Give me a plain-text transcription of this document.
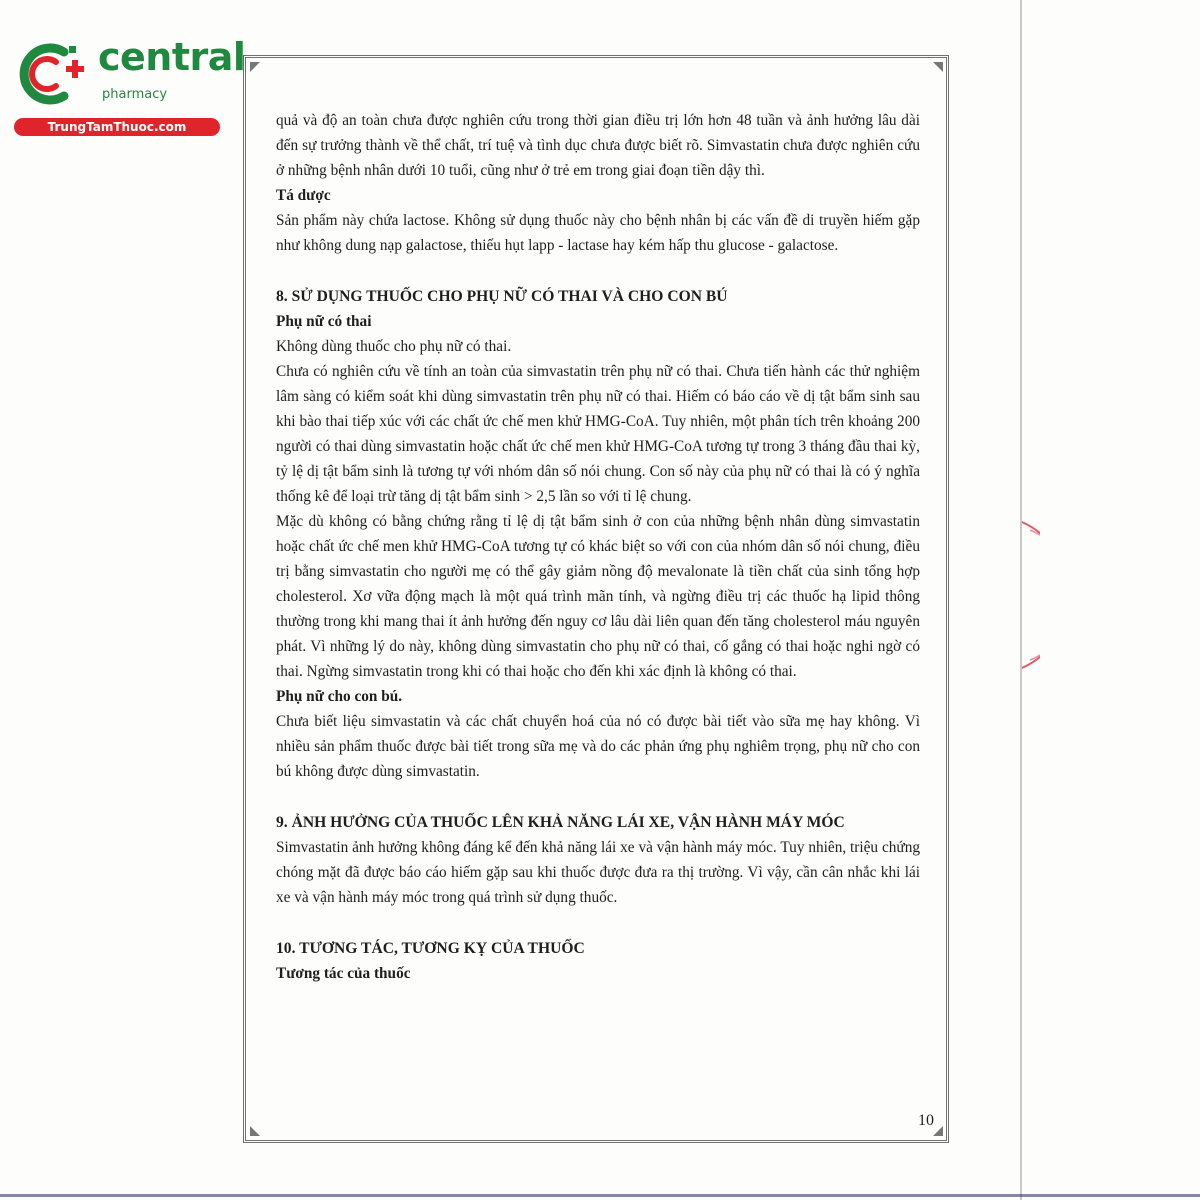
central
pharmacy
TrungTamThuoc.com	quả và độ an toàn chưa được nghiên cứu trong thời gian điều trị lớn hơn 48 tuần và ảnh hưởng lâu dài đến sự trưởng thành về thể chất, trí tuệ và tình dục chưa được biết rõ. Simvastatin chưa được nghiên cứu ở những bệnh nhân dưới 10 tuổi, cũng như ở trẻ em trong giai đoạn tiền dậy thì.

Tá dược

Sản phẩm này chứa lactose. Không sử dụng thuốc này cho bệnh nhân bị các vấn đề di truyền hiếm gặp như không dung nạp galactose, thiếu hụt lapp - lactase hay kém hấp thu glucose - galactose.

8. SỬ DỤNG THUỐC CHO PHỤ NỮ CÓ THAI VÀ CHO CON BÚ

Phụ nữ có thai

Không dùng thuốc cho phụ nữ có thai.

Chưa có nghiên cứu về tính an toàn của simvastatin trên phụ nữ có thai. Chưa tiến hành các thử nghiệm lâm sàng có kiểm soát khi dùng simvastatin trên phụ nữ có thai. Hiếm có báo cáo về dị tật bẩm sinh sau khi bào thai tiếp xúc với các chất ức chế men khử HMG-CoA. Tuy nhiên, một phân tích trên khoảng 200 người có thai dùng simvastatin hoặc chất ức chế men khử HMG-CoA tương tự trong 3 tháng đầu thai kỳ, tỷ lệ dị tật bẩm sinh là tương tự với nhóm dân số nói chung. Con số này của phụ nữ có thai là có ý nghĩa thống kê để loại trừ tăng dị tật bẩm sinh > 2,5 lần so với tỉ lệ chung.

Mặc dù không có bằng chứng rằng tỉ lệ dị tật bẩm sinh ở con của những bệnh nhân dùng simvastatin hoặc chất ức chế men khử HMG-CoA tương tự có khác biệt so với con của nhóm dân số nói chung, điều trị bằng simvastatin cho người mẹ có thể gây giảm nồng độ mevalonate là tiền chất của sinh tổng hợp cholesterol. Xơ vữa động mạch là một quá trình mãn tính, và ngừng điều trị các thuốc hạ lipid thông thường trong khi mang thai ít ảnh hưởng đến nguy cơ lâu dài liên quan đến tăng cholesterol máu nguyên phát. Vì những lý do này, không dùng simvastatin cho phụ nữ có thai, cố gắng có thai hoặc nghi ngờ có thai. Ngừng simvastatin trong khi có thai hoặc cho đến khi xác định là không có thai.

Phụ nữ cho con bú.

Chưa biết liệu simvastatin và các chất chuyển hoá của nó có được bài tiết vào sữa mẹ hay không. Vì nhiều sản phẩm thuốc được bài tiết trong sữa mẹ và do các phản ứng phụ nghiêm trọng, phụ nữ cho con bú không được dùng simvastatin.

9. ẢNH HƯỞNG CỦA THUỐC LÊN KHẢ NĂNG LÁI XE, VẬN HÀNH MÁY MÓC

Simvastatin ảnh hưởng không đáng kể đến khả năng lái xe và vận hành máy móc. Tuy nhiên, triệu chứng chóng mặt đã được báo cáo hiếm gặp sau khi thuốc được đưa ra thị trường. Vì vậy, cần cân nhắc khi lái xe và vận hành máy móc trong quá trình sử dụng thuốc.

10. TƯƠNG TÁC, TƯƠNG KỴ CỦA THUỐC

Tương tác của thuốc

10
